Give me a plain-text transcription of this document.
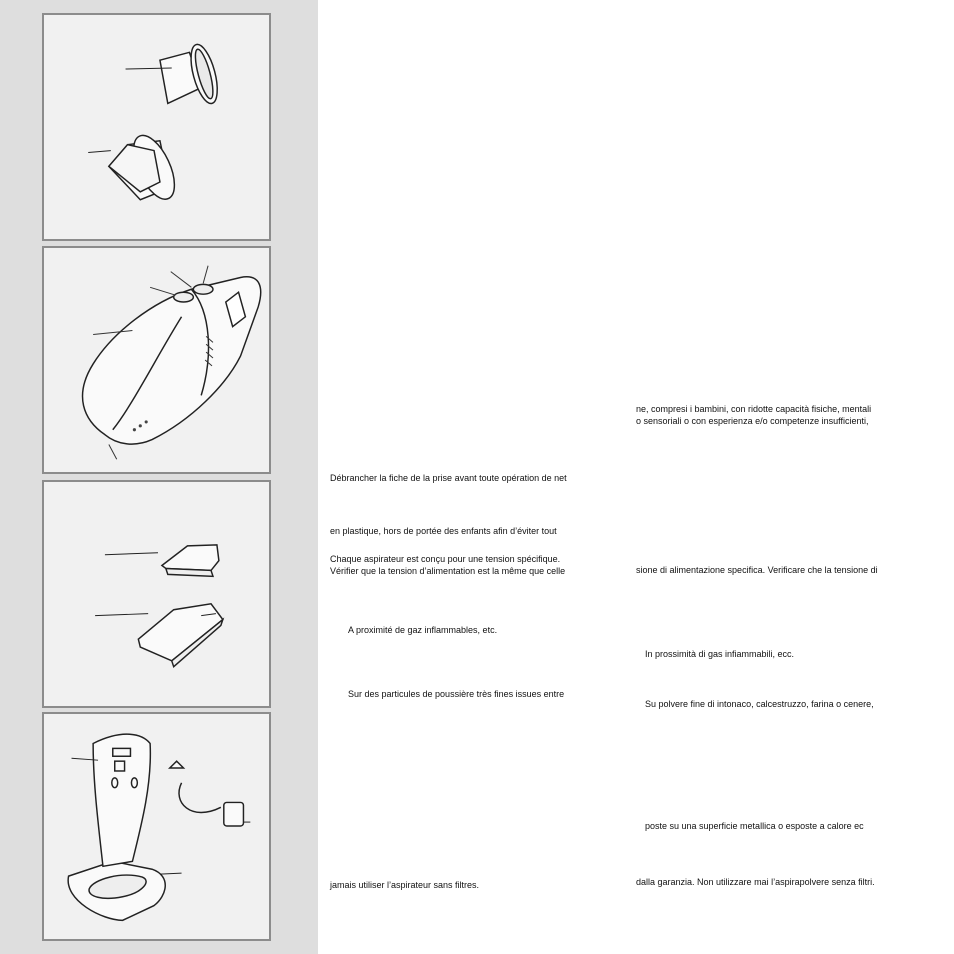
Débrancher la fiche de la prise avant toute opération de net
en plastique, hors de portée des enfants afin d’éviter tout
Chaque aspirateur est conçu pour une tension spécifique.
Vérifier que la tension d’alimentation est la même que celle
A proximité de gaz inflammables, etc.
Sur des particules de poussière très fines issues entre
jamais utiliser l’aspirateur sans filtres.
ne, compresi i bambini, con ridotte capacità fisiche, mentali
o sensoriali o con esperienza e/o competenze insufficienti,
sione di alimentazione specifica. Verificare che la tensione di
In prossimità di gas infiammabili, ecc.
Su polvere fine di intonaco, calcestruzzo, farina o cenere,
poste su una superficie metallica o esposte a calore ec
dalla garanzia. Non utilizzare mai l’aspirapolvere senza filtri.
